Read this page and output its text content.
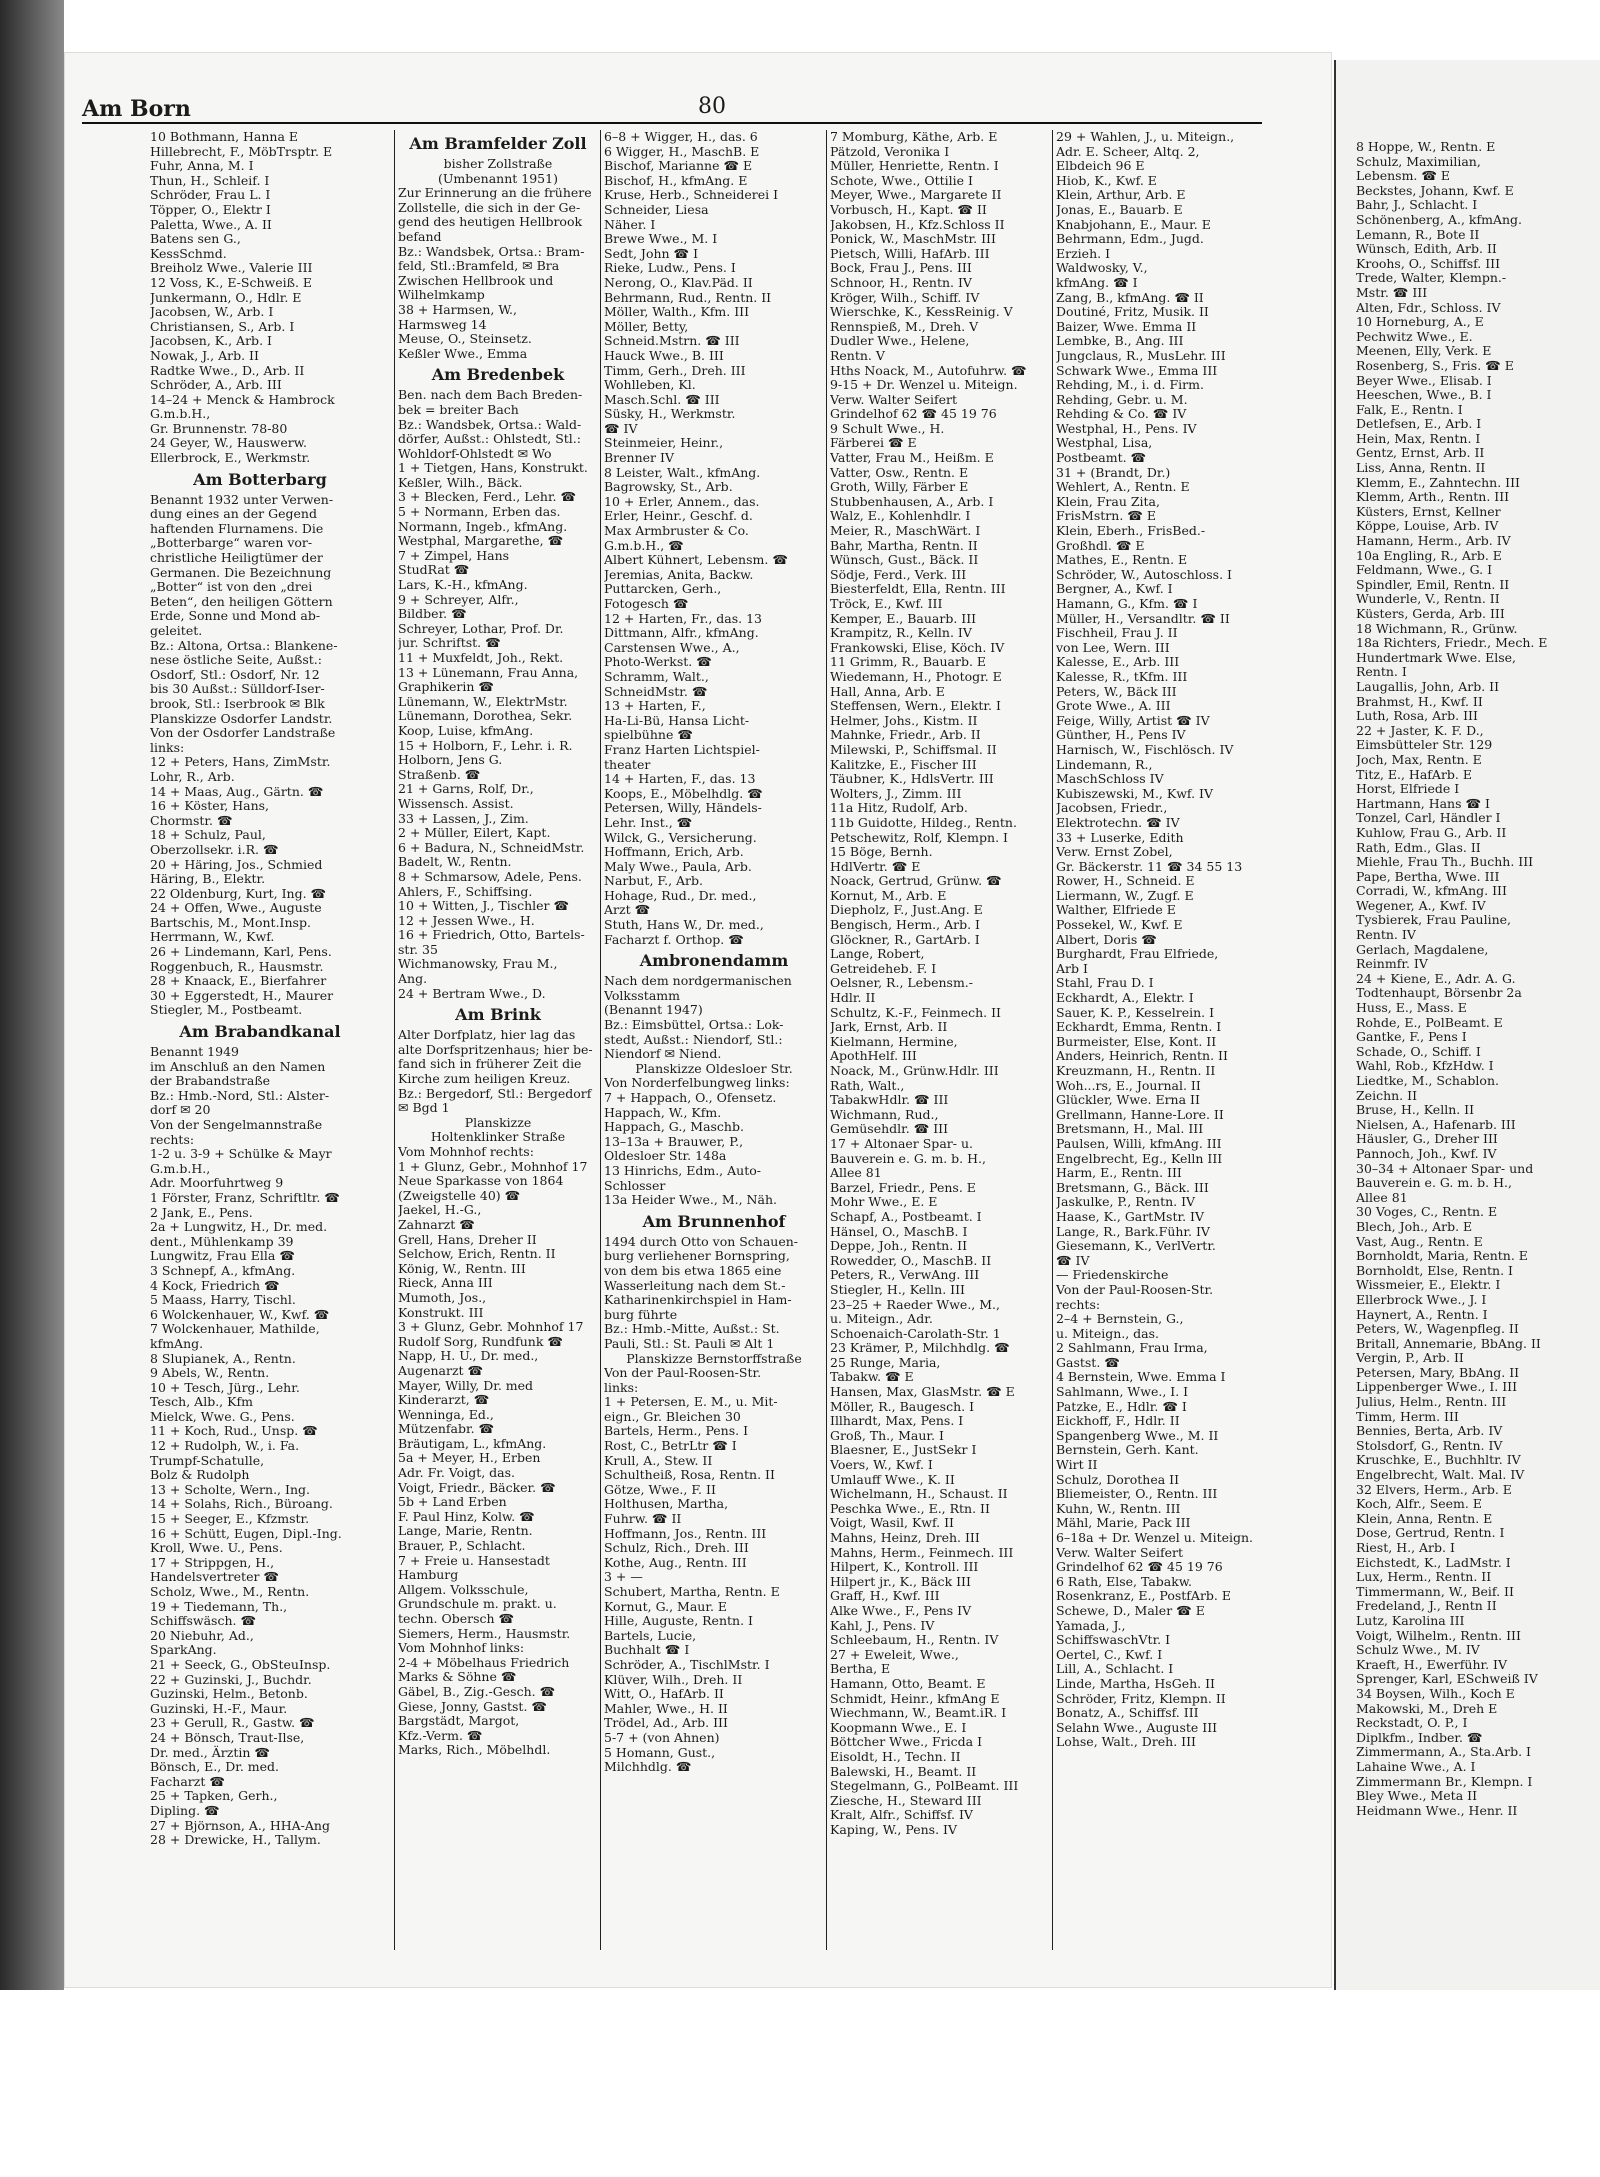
Am Born	80
10 Bothmann, Hanna E
Hillebrecht, F., MöbTrsptr. E
Fuhr, Anna, M. I
Thun, H., Schleif. I
Schröder, Frau L. I
Töpper, O., Elektr I
Paletta, Wwe., A. II
Batens sen G.,
KessSchmd.
Breiholz Wwe., Valerie III
12 Voss, K., E-Schweiß. E
Junkermann, O., Hdlr. E
Jacobsen, W., Arb. I
Christiansen, S., Arb. I
Jacobsen, K., Arb. I
Nowak, J., Arb. II
Radtke Wwe., D., Arb. II
Schröder, A., Arb. III
14–24 + Menck & Hambrock
G.m.b.H.,
Gr. Brunnenstr. 78-80
24 Geyer, W., Hauswerw.
Ellerbrock, E., Werkmstr.
Am Botterbarg
Benannt 1932 unter Verwen-
dung eines an der Gegend
haftenden Flurnamens. Die
„Botterbarge“ waren vor-
christliche Heiligtümer der
Germanen. Die Bezeichnung
„Botter“ ist von den „drei
Beten“, den heiligen Göttern
Erde, Sonne und Mond ab-
geleitet.
Bz.: Altona, Ortsa.: Blankene-
nese östliche Seite, Außst.:
Osdorf, Stl.: Osdorf, Nr. 12
bis 30 Außst.: Sülldorf-Iser-
brook, Stl.: Iserbrook ✉ Blk
Planskizze Osdorfer Landstr.
Von der Osdorfer Landstraße
links:
12 + Peters, Hans, ZimMstr.
Lohr, R., Arb.
14 + Maas, Aug., Gärtn. ☎
16 + Köster, Hans,
Chormstr. ☎
18 + Schulz, Paul,
Oberzollsekr. i.R. ☎
20 + Häring, Jos., Schmied
Häring, B., Elektr.
22 Oldenburg, Kurt, Ing. ☎
24 + Offen, Wwe., Auguste
Bartschis, M., Mont.Insp.
Herrmann, W., Kwf.
26 + Lindemann, Karl, Pens.
Roggenbuch, R., Hausmstr.
28 + Knaack, E., Bierfahrer
30 + Eggerstedt, H., Maurer
Stiegler, M., Postbeamt.
Am Brabandkanal
Benannt 1949
im Anschluß an den Namen
der Brabandstraße
Bz.: Hmb.-Nord, Stl.: Alster-
dorf ✉ 20
Von der Sengelmannstraße
rechts:
1-2 u. 3-9 + Schülke & Mayr
G.m.b.H.,
Adr. Moorfuhrtweg 9
1 Förster, Franz, Schriftltr. ☎
2 Jank, E., Pens.
2a + Lungwitz, H., Dr. med.
dent., Mühlenkamp 39
Lungwitz, Frau Ella ☎
3 Schnepf, A., kfmAng.
4 Kock, Friedrich ☎
5 Maass, Harry, Tischl.
6 Wolckenhauer, W., Kwf. ☎
7 Wolckenhauer, Mathilde,
kfmAng.
8 Slupianek, A., Rentn.
9 Abels, W., Rentn.
10 + Tesch, Jürg., Lehr.
Tesch, Alb., Kfm
Mielck, Wwe. G., Pens.
11 + Koch, Rud., Unsp. ☎
12 + Rudolph, W., i. Fa.
Trumpf-Schatulle,
Bolz & Rudolph
13 + Scholte, Wern., Ing.
14 + Solahs, Rich., Büroang.
15 + Seeger, E., Kfzmstr.
16 + Schütt, Eugen, Dipl.-Ing.
Kroll, Wwe. U., Pens.
17 + Strippgen, H.,
Handelsvertreter ☎
Scholz, Wwe., M., Rentn.
19 + Tiedemann, Th.,
Schiffswäsch. ☎
20 Niebuhr, Ad.,
SparkAng.
21 + Seeck, G., ObSteuInsp.
22 + Guzinski, J., Buchdr.
Guzinski, Helm., Betonb.
Guzinski, H.-F., Maur.
23 + Gerull, R., Gastw. ☎
24 + Bönsch, Traut-Ilse,
Dr. med., Ärztin ☎
Bönsch, E., Dr. med.
Facharzt ☎
25 + Tapken, Gerh.,
Dipling. ☎
27 + Björnson, A., HHA-Ang
28 + Drewicke, H., Tallym.
Am Bramfelder Zoll
bisher Zollstraße
(Umbenannt 1951)
Zur Erinnerung an die frühere
Zollstelle, die sich in der Ge-
gend des heutigen Hellbrook
befand
Bz.: Wandsbek, Ortsa.: Bram-
feld, Stl.:Bramfeld, ✉ Bra
Zwischen Hellbrook und
Wilhelmkamp
38 + Harmsen, W.,
Harmsweg 14
Meuse, O., Steinsetz.
Keßler Wwe., Emma
Am Bredenbek
Ben. nach dem Bach Breden-
bek = breiter Bach
Bz.: Wandsbek, Ortsa.: Wald-
dörfer, Außst.: Ohlstedt, Stl.:
Wohldorf-Ohlstedt ✉ Wo
1 + Tietgen, Hans, Konstrukt.
Keßler, Wilh., Bäck.
3 + Blecken, Ferd., Lehr. ☎
5 + Normann, Erben das.
Normann, Ingeb., kfmAng.
Westphal, Margarethe, ☎
7 + Zimpel, Hans
StudRat ☎
Lars, K.-H., kfmAng.
9 + Schreyer, Alfr.,
Bildber. ☎
Schreyer, Lothar, Prof. Dr.
jur. Schriftst. ☎
11 + Muxfeldt, Joh., Rekt.
13 + Lünemann, Frau Anna,
Graphikerin ☎
Lünemann, W., ElektrMstr.
Lünemann, Dorothea, Sekr.
Koop, Luise, kfmAng.
15 + Holborn, F., Lehr. i. R.
Holborn, Jens G.
Straßenb. ☎
21 + Garns, Rolf, Dr.,
Wissensch. Assist.
33 + Lassen, J., Zim.
2 + Müller, Eilert, Kapt.
6 + Badura, N., SchneidMstr.
Badelt, W., Rentn.
8 + Schmarsow, Adele, Pens.
Ahlers, F., Schiffsing.
10 + Witten, J., Tischler ☎
12 + Jessen Wwe., H.
16 + Friedrich, Otto, Bartels-
str. 35
Wichmanowsky, Frau M.,
Ang.
24 + Bertram Wwe., D.
Am Brink
Alter Dorfplatz, hier lag das
alte Dorfspritzenhaus; hier be-
fand sich in früherer Zeit die
Kirche zum heiligen Kreuz.
Bz.: Bergedorf, Stl.: Bergedorf
✉ Bgd 1
Planskizze
Holtenklinker Straße
Vom Mohnhof rechts:
1 + Glunz, Gebr., Mohnhof 17
Neue Sparkasse von 1864
(Zweigstelle 40) ☎
Jaekel, H.-G.,
Zahnarzt ☎
Grell, Hans, Dreher II
Selchow, Erich, Rentn. II
König, W., Rentn. III
Rieck, Anna III
Mumoth, Jos.,
Konstrukt. III
3 + Glunz, Gebr. Mohnhof 17
Rudolf Sorg, Rundfunk ☎
Napp, H. U., Dr. med.,
Augenarzt ☎
Mayer, Willy, Dr. med
Kinderarzt, ☎
Wenninga, Ed.,
Mützenfabr. ☎
Bräutigam, L., kfmAng.
5a + Meyer, H., Erben
Adr. Fr. Voigt, das.
Voigt, Friedr., Bäcker. ☎
5b + Land Erben
F. Paul Hinz, Kolw. ☎
Lange, Marie, Rentn.
Brauer, P., Schlacht.
7 + Freie u. Hansestadt
Hamburg
Allgem. Volksschule,
Grundschule m. prakt. u.
techn. Obersch ☎
Siemers, Herm., Hausmstr.
Vom Mohnhof links:
2-4 + Möbelhaus Friedrich
Marks & Söhne ☎
Gäbel, B., Zig.-Gesch. ☎
Giese, Jonny, Gastst. ☎
Bargstädt, Margot,
Kfz.-Verm. ☎
Marks, Rich., Möbelhdl.
6–8 + Wigger, H., das. 6
6 Wigger, H., MaschB. E
Bischof, Marianne ☎ E
Bischof, H., kfmAng. E
Kruse, Herb., Schneiderei I
Schneider, Liesa
Näher. I
Brewe Wwe., M. I
Sedt, John ☎ I
Rieke, Ludw., Pens. I
Nerong, O., Klav.Päd. II
Behrmann, Rud., Rentn. II
Möller, Walth., Kfm. III
Möller, Betty,
Schneid.Mstrn. ☎ III
Hauck Wwe., B. III
Timm, Gerh., Dreh. III
Wohlleben, Kl.
Masch.Schl. ☎ III
Süsky, H., Werkmstr.
☎ IV
Steinmeier, Heinr.,
Brenner IV
8 Leister, Walt., kfmAng.
Bagrowsky, St., Arb.
10 + Erler, Annem., das.
Erler, Heinr., Geschf. d.
Max Armbruster & Co.
G.m.b.H., ☎
Albert Kühnert, Lebensm. ☎
Jeremias, Anita, Backw.
Puttarcken, Gerh.,
Fotogesch ☎
12 + Harten, Fr., das. 13
Dittmann, Alfr., kfmAng.
Carstensen Wwe., A.,
Photo-Werkst. ☎
Schramm, Walt.,
SchneidMstr. ☎
13 + Harten, F.,
Ha-Li-Bü, Hansa Licht-
spielbühne ☎
Franz Harten Lichtspiel-
theater
14 + Harten, F., das. 13
Koops, E., Möbelhdlg. ☎
Petersen, Willy, Händels-
Lehr. Inst., ☎
Wilck, G., Versicherung.
Hoffmann, Erich, Arb.
Maly Wwe., Paula, Arb.
Narbut, F., Arb.
Hohage, Rud., Dr. med.,
Arzt ☎
Stuth, Hans W., Dr. med.,
Facharzt f. Orthop. ☎
Ambronendamm
Nach dem nordgermanischen
Volksstamm
(Benannt 1947)
Bz.: Eimsbüttel, Ortsa.: Lok-
stedt, Außst.: Niendorf, Stl.:
Niendorf ✉ Niend.
Planskizze Oldesloer Str.
Von Norderfelbungweg links:
7 + Happach, O., Ofensetz.
Happach, W., Kfm.
Happach, G., Maschb.
13–13a + Brauwer, P.,
Oldesloer Str. 148a
13 Hinrichs, Edm., Auto-
Schlosser
13a Heider Wwe., M., Näh.
Am Brunnenhof
1494 durch Otto von Schauen-
burg verliehener Bornspring,
von dem bis etwa 1865 eine
Wasserleitung nach dem St.-
Katharinenkirchspiel in Ham-
burg führte
Bz.: Hmb.-Mitte, Außst.: St.
Pauli, Stl.: St. Pauli ✉ Alt 1
Planskizze Bernstorffstraße
Von der Paul-Roosen-Str.
links:
1 + Petersen, E. M., u. Mit-
eign., Gr. Bleichen 30
Bartels, Herm., Pens. I
Rost, C., BetrLtr ☎ I
Krull, A., Stew. II
Schultheiß, Rosa, Rentn. II
Götze, Wwe., F. II
Holthusen, Martha,
Fuhrw. ☎ II
Hoffmann, Jos., Rentn. III
Schulz, Rich., Dreh. III
Kothe, Aug., Rentn. III
3 + —
Schubert, Martha, Rentn. E
Kornut, G., Maur. E
Hille, Auguste, Rentn. I
Bartels, Lucie,
Buchhalt ☎ I
Schröder, A., TischlMstr. I
Klüver, Wilh., Dreh. II
Witt, O., HafArb. II
Mahler, Wwe., H. II
Trödel, Ad., Arb. III
5-7 + (von Ahnen)
5 Homann, Gust.,
Milchhdlg. ☎
7 Momburg, Käthe, Arb. E
Pätzold, Veronika I
Müller, Henriette, Rentn. I
Schote, Wwe., Ottilie I
Meyer, Wwe., Margarete II
Vorbusch, H., Kapt. ☎ II
Jakobsen, H., Kfz.Schloss II
Ponick, W., MaschMstr. III
Pietsch, Willi, HafArb. III
Bock, Frau J., Pens. III
Schnoor, H., Rentn. IV
Kröger, Wilh., Schiff. IV
Wierschke, K., KessReinig. V
Rennspieß, M., Dreh. V
Dudler Wwe., Helene,
Rentn. V
Hths Noack, M., Autofuhrw. ☎
9-15 + Dr. Wenzel u. Miteign.
Verw. Walter Seifert
Grindelhof 62 ☎ 45 19 76
9 Schult Wwe., H.
Färberei ☎ E
Vatter, Frau M., Heißm. E
Vatter, Osw., Rentn. E
Groth, Willy, Färber E
Stubbenhausen, A., Arb. I
Walz, E., Kohlenhdlr. I
Meier, R., MaschWärt. I
Bahr, Martha, Rentn. II
Wünsch, Gust., Bäck. II
Södje, Ferd., Verk. III
Biesterfeldt, Ella, Rentn. III
Tröck, E., Kwf. III
Kemper, E., Bauarb. III
Krampitz, R., Kelln. IV
Frankowski, Elise, Köch. IV
11 Grimm, R., Bauarb. E
Wiedemann, H., Photogr. E
Hall, Anna, Arb. E
Steffensen, Wern., Elektr. I
Helmer, Johs., Kistm. II
Mahnke, Friedr., Arb. II
Milewski, P., Schiffsmal. II
Kalitzke, E., Fischer III
Täubner, K., HdlsVertr. III
Wolters, J., Zimm. III
11a Hitz, Rudolf, Arb.
11b Guidotte, Hildeg., Rentn.
Petschewitz, Rolf, Klempn. I
15 Böge, Bernh.
HdlVertr. ☎ E
Noack, Gertrud, Grünw. ☎
Kornut, M., Arb. E
Diepholz, F., Just.Ang. E
Bengisch, Herm., Arb. I
Glöckner, R., GartArb. I
Lange, Robert,
Getreideheb. F. I
Oelsner, R., Lebensm.-
Hdlr. II
Schultz, K.-F., Feinmech. II
Jark, Ernst, Arb. II
Kielmann, Hermine,
ApothHelf. III
Noack, M., Grünw.Hdlr. III
Rath, Walt.,
TabakwHdlr. ☎ III
Wichmann, Rud.,
Gemüsehdlr. ☎ III
17 + Altonaer Spar- u.
Bauverein e. G. m. b. H.,
Allee 81
Barzel, Friedr., Pens. E
Mohr Wwe., E. E
Schapf, A., Postbeamt. I
Hänsel, O., MaschB. I
Deppe, Joh., Rentn. II
Rowedder, O., MaschB. II
Peters, R., VerwAng. III
Stiegler, H., Kelln. III
23–25 + Raeder Wwe., M.,
u. Miteign., Adr.
Schoenaich-Carolath-Str. 1
23 Krämer, P., Milchhdlg. ☎
25 Runge, Maria,
Tabakw. ☎ E
Hansen, Max, GlasMstr. ☎ E
Möller, R., Baugesch. I
Illhardt, Max, Pens. I
Groß, Th., Maur. I
Blaesner, E., JustSekr I
Voers, W., Kwf. I
Umlauff Wwe., K. II
Wichelmann, H., Schaust. II
Peschka Wwe., E., Rtn. II
Voigt, Wasil, Kwf. II
Mahns, Heinz, Dreh. III
Mahns, Herm., Feinmech. III
Hilpert, K., Kontroll. III
Hilpert jr., K., Bäck III
Graff, H., Kwf. III
Alke Wwe., F., Pens IV
Kahl, J., Pens. IV
Schleebaum, H., Rentn. IV
27 + Eweleit, Wwe.,
Bertha, E
Hamann, Otto, Beamt. E
Schmidt, Heinr., kfmAng E
Wiechmann, W., Beamt.iR. I
Koopmann Wwe., E. I
Böttcher Wwe., Fricda I
Eisoldt, H., Techn. II
Balewski, H., Beamt. II
Stegelmann, G., PolBeamt. III
Ziesche, H., Steward III
Kralt, Alfr., Schiffsf. IV
Kaping, W., Pens. IV
29 + Wahlen, J., u. Miteign.,
Adr. E. Scheer, Altq. 2,
Elbdeich 96 E
Hiob, K., Kwf. E
Klein, Arthur, Arb. E
Jonas, E., Bauarb. E
Knabjohann, E., Maur. E
Behrmann, Edm., Jugd.
Erzieh. I
Waldwosky, V.,
kfmAng. ☎ I
Zang, B., kfmAng. ☎ II
Doutiné, Fritz, Musik. II
Baizer, Wwe. Emma II
Lembke, B., Ang. III
Jungclaus, R., MusLehr. III
Schwark Wwe., Emma III
Rehding, M., i. d. Firm.
Rehding, Gebr. u. M.
Rehding & Co. ☎ IV
Westphal, H., Pens. IV
Westphal, Lisa,
Postbeamt. ☎
31 + (Brandt, Dr.)
Wehlert, A., Rentn. E
Klein, Frau Zita,
FrisMstrn. ☎ E
Klein, Eberh., FrisBed.-
Großhdl. ☎ E
Mathes, E., Rentn. E
Schröder, W., Autoschloss. I
Bergner, A., Kwf. I
Hamann, G., Kfm. ☎ I
Müller, H., Versandltr. ☎ II
Fischheil, Frau J. II
von Lee, Wern. III
Kalesse, E., Arb. III
Kalesse, R., tKfm. III
Peters, W., Bäck III
Grote Wwe., A. III
Feige, Willy, Artist ☎ IV
Günther, H., Pens IV
Harnisch, W., Fischlösch. IV
Lindemann, R.,
MaschSchloss IV
Kubiszewski, M., Kwf. IV
Jacobsen, Friedr.,
Elektrotechn. ☎ IV
33 + Luserke, Edith
Verw. Ernst Zobel,
Gr. Bäckerstr. 11 ☎ 34 55 13
Rower, H., Schneid. E
Liermann, W., Zugf. E
Walther, Elfriede E
Possekel, W., Kwf. E
Albert, Doris ☎
Burghardt, Frau Elfriede,
Arb I
Stahl, Frau D. I
Eckhardt, A., Elektr. I
Sauer, K. P., Kesselrein. I
Eckhardt, Emma, Rentn. I
Burmeister, Else, Kont. II
Anders, Heinrich, Rentn. II
Kreuzmann, H., Rentn. II
Woh...rs, E., Journal. II
Glückler, Wwe. Erna II
Grellmann, Hanne-Lore. II
Bretsmann, H., Mal. III
Paulsen, Willi, kfmAng. III
Engelbrecht, Eg., Kelln III
Harm, E., Rentn. III
Bretsmann, G., Bäck. III
Jaskulke, P., Rentn. IV
Haase, K., GartMstr. IV
Lange, R., Bark.Führ. IV
Giesemann, K., VerlVertr.
☎ IV
— Friedenskirche
Von der Paul-Roosen-Str.
rechts:
2–4 + Bernstein, G.,
u. Miteign., das.
2 Sahlmann, Frau Irma,
Gastst. ☎
4 Bernstein, Wwe. Emma I
Sahlmann, Wwe., I. I
Patzke, E., Hdlr. ☎ I
Eickhoff, F., Hdlr. II
Spangenberg Wwe., M. II
Bernstein, Gerh. Kant.
Wirt II
Schulz, Dorothea II
Bliemeister, O., Rentn. III
Kuhn, W., Rentn. III
Mähl, Marie, Pack III
6–18a + Dr. Wenzel u. Miteign.
Verw. Walter Seifert
Grindelhof 62 ☎ 45 19 76
6 Rath, Else, Tabakw.
Rosenkranz, E., PostfArb. E
Schewe, D., Maler ☎ E
Yamada, J.,
SchiffswaschVtr. I
Oertel, C., Kwf. I
Lill, A., Schlacht. I
Linde, Martha, HsGeh. II
Schröder, Fritz, Klempn. II
Bonatz, A., Schiffsf. III
Selahn Wwe., Auguste III
Lohse, Walt., Dreh. III
8 Hoppe, W., Rentn. E
Schulz, Maximilian,
Lebensm. ☎ E
Beckstes, Johann, Kwf. E
Bahr, J., Schlacht. I
Schönenberg, A., kfmAng.
Lemann, R., Bote II
Wünsch, Edith, Arb. II
Kroohs, O., Schiffsf. III
Trede, Walter, Klempn.-
Mstr. ☎ III
Alten, Fdr., Schloss. IV
10 Horneburg, A., E
Pechwitz Wwe., E.
Meenen, Elly, Verk. E
Rosenberg, S., Fris. ☎ E
Beyer Wwe., Elisab. I
Heeschen, Wwe., B. I
Falk, E., Rentn. I
Detlefsen, E., Arb. I
Hein, Max, Rentn. I
Gentz, Ernst, Arb. II
Liss, Anna, Rentn. II
Klemm, E., Zahntechn. III
Klemm, Arth., Rentn. III
Küsters, Ernst, Kellner
Köppe, Louise, Arb. IV
Hamann, Herm., Arb. IV
10a Engling, R., Arb. E
Feldmann, Wwe., G. I
Spindler, Emil, Rentn. II
Wunderle, V., Rentn. II
Küsters, Gerda, Arb. III
18 Wichmann, R., Grünw.
18a Richters, Friedr., Mech. E
Hundertmark Wwe. Else,
Rentn. I
Laugallis, John, Arb. II
Brahmst, H., Kwf. II
Luth, Rosa, Arb. III
22 + Jaster, K. F. D.,
Eimsbütteler Str. 129
Joch, Max, Rentn. E
Titz, E., HafArb. E
Horst, Elfriede I
Hartmann, Hans ☎ I
Tonzel, Carl, Händler I
Kuhlow, Frau G., Arb. II
Rath, Edm., Glas. II
Miehle, Frau Th., Buchh. III
Pape, Bertha, Wwe. III
Corradi, W., kfmAng. III
Wegener, A., Kwf. IV
Tysbierek, Frau Pauline,
Rentn. IV
Gerlach, Magdalene,
Reinmfr. IV
24 + Kiene, E., Adr. A. G.
Todtenhaupt, Börsenbr 2a
Huss, E., Mass. E
Rohde, E., PolBeamt. E
Gantke, F., Pens I
Schade, O., Schiff. I
Wahl, Rob., KfzHdw. I
Liedtke, M., Schablon.
Zeichn. II
Bruse, H., Kelln. II
Nielsen, A., Hafenarb. III
Häusler, G., Dreher III
Pannoch, Joh., Kwf. IV
30–34 + Altonaer Spar- und
Bauverein e. G. m. b. H.,
Allee 81
30 Voges, C., Rentn. E
Blech, Joh., Arb. E
Vast, Aug., Rentn. E
Bornholdt, Maria, Rentn. E
Bornholdt, Else, Rentn. I
Wissmeier, E., Elektr. I
Ellerbrock Wwe., J. I
Haynert, A., Rentn. I
Peters, W., Wagenpfleg. II
Britall, Annemarie, BbAng. II
Vergin, P., Arb. II
Petersen, Mary, BbAng. II
Lippenberger Wwe., I. III
Julius, Helm., Rentn. III
Timm, Herm. III
Bennies, Berta, Arb. IV
Stolsdorf, G., Rentn. IV
Kruschke, E., Buchhltr. IV
Engelbrecht, Walt. Mal. IV
32 Elvers, Herm., Arb. E
Koch, Alfr., Seem. E
Klein, Anna, Rentn. E
Dose, Gertrud, Rentn. I
Riest, H., Arb. I
Eichstedt, K., LadMstr. I
Lux, Herm., Rentn. II
Timmermann, W., Beif. II
Fredeland, J., Rentn II
Lutz, Karolina III
Voigt, Wilhelm., Rentn. III
Schulz Wwe., M. IV
Kraeft, H., Ewerführ. IV
Sprenger, Karl, ESchweiß IV
34 Boysen, Wilh., Koch E
Makowski, M., Dreh E
Reckstadt, O. P., I
Diplkfm., Indber. ☎
Zimmermann, A., Sta.Arb. I
Lahaine Wwe., A. I
Zimmermann Br., Klempn. I
Bley Wwe., Meta II
Heidmann Wwe., Henr. II
